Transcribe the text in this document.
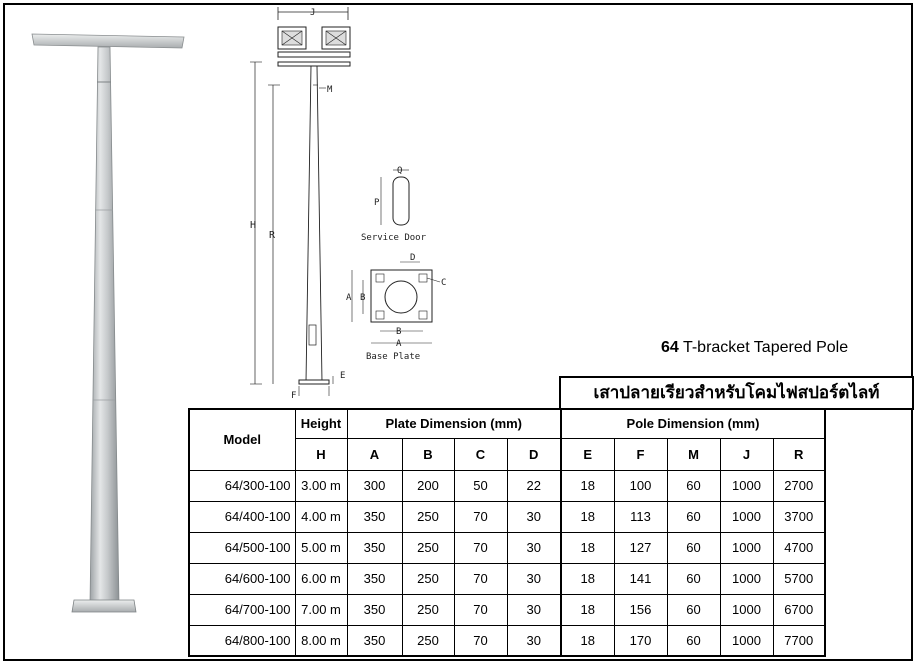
J
M
H
R
F
E
Q
P
Service Door
D
C
A B
B
A
Base Plate
64 T-bracket Tapered Pole
เสาปลายเรียวสำหรับโคมไฟสปอร์ตไลท์
Model	Height	Plate Dimension (mm)				Pole Dimension (mm)				
	H	A	B	C	D	E	F	M	J	R
64/300-100	3.00 m	300	200	50	22	18	100	60	1000	2700
64/400-100	4.00 m	350	250	70	30	18	113	60	1000	3700
64/500-100	5.00 m	350	250	70	30	18	127	60	1000	4700
64/600-100	6.00 m	350	250	70	30	18	141	60	1000	5700
64/700-100	7.00 m	350	250	70	30	18	156	60	1000	6700
64/800-100	8.00 m	350	250	70	30	18	170	60	1000	7700
